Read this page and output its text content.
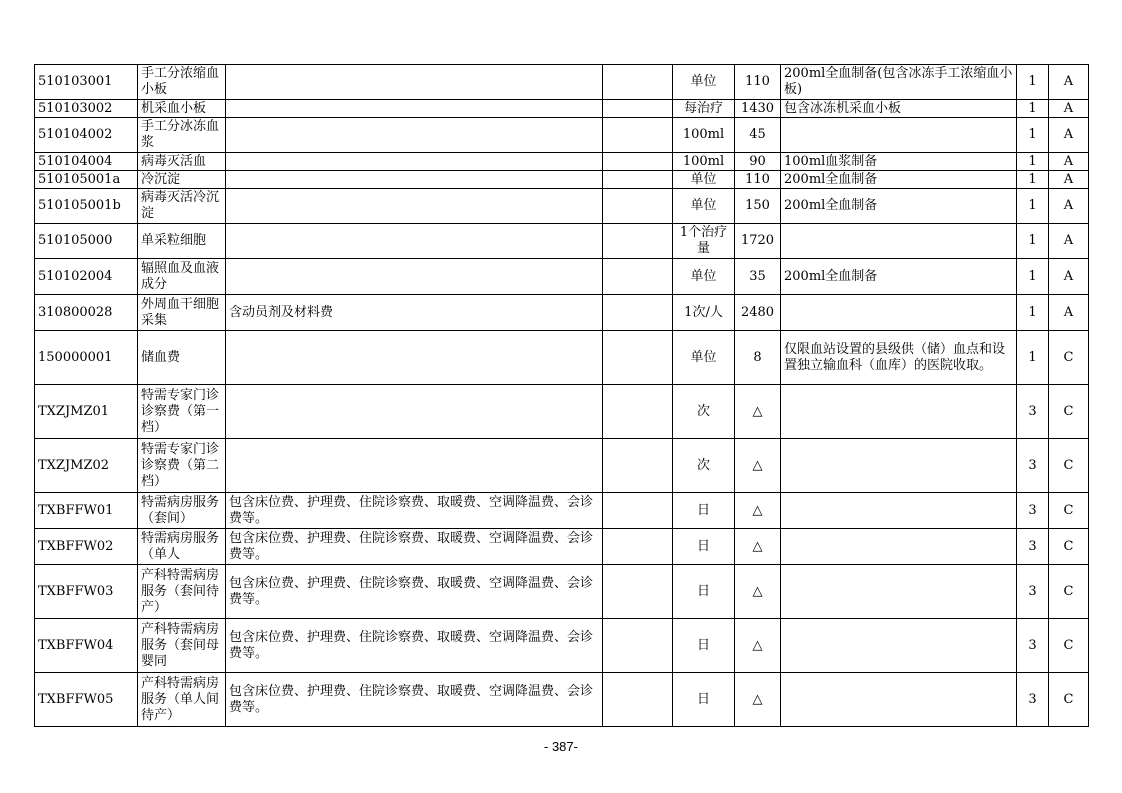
510103001	手工分浓缩血小板			单位	110	200ml全血制备(包含冰冻手工浓缩血小板)	1	A
510103002	机采血小板			每治疗	1430	包含冰冻机采血小板	1	A
510104002	手工分冰冻血浆			100ml	45		1	A
510104004	病毒灭活血			100ml	90	100ml血浆制备	1	A
510105001a	冷沉淀			单位	110	200ml全血制备	1	A
510105001b	病毒灭活冷沉淀			单位	150	200ml全血制备	1	A
510105000	单采粒细胞			1个治疗量	1720		1	A
510102004	辐照血及血液成分			单位	35	200ml全血制备	1	A
310800028	外周血干细胞采集	含动员剂及材料费		1次/人	2480		1	A
150000001	储血费			单位	8	仅限血站设置的县级供（储）血点和设置独立输血科（血库）的医院收取。	1	C
TXZJMZ01	特需专家门诊诊察费（第一档）			次	△		3	C
TXZJMZ02	特需专家门诊诊察费（第二档）			次	△		3	C
TXBFFW01	特需病房服务（套间）	包含床位费、护理费、住院诊察费、取暖费、空调降温费、会诊费等。		日	△		3	C
TXBFFW02	特需病房服务（单人	包含床位费、护理费、住院诊察费、取暖费、空调降温费、会诊费等。		日	△		3	C
TXBFFW03	产科特需病房服务（套间待产）	包含床位费、护理费、住院诊察费、取暖费、空调降温费、会诊费等。		日	△		3	C
TXBFFW04	产科特需病房服务（套间母婴同	包含床位费、护理费、住院诊察费、取暖费、空调降温费、会诊费等。		日	△		3	C
TXBFFW05	产科特需病房服务（单人间待产）	包含床位费、护理费、住院诊察费、取暖费、空调降温费、会诊费等。		日	△		3	C
- 387-
